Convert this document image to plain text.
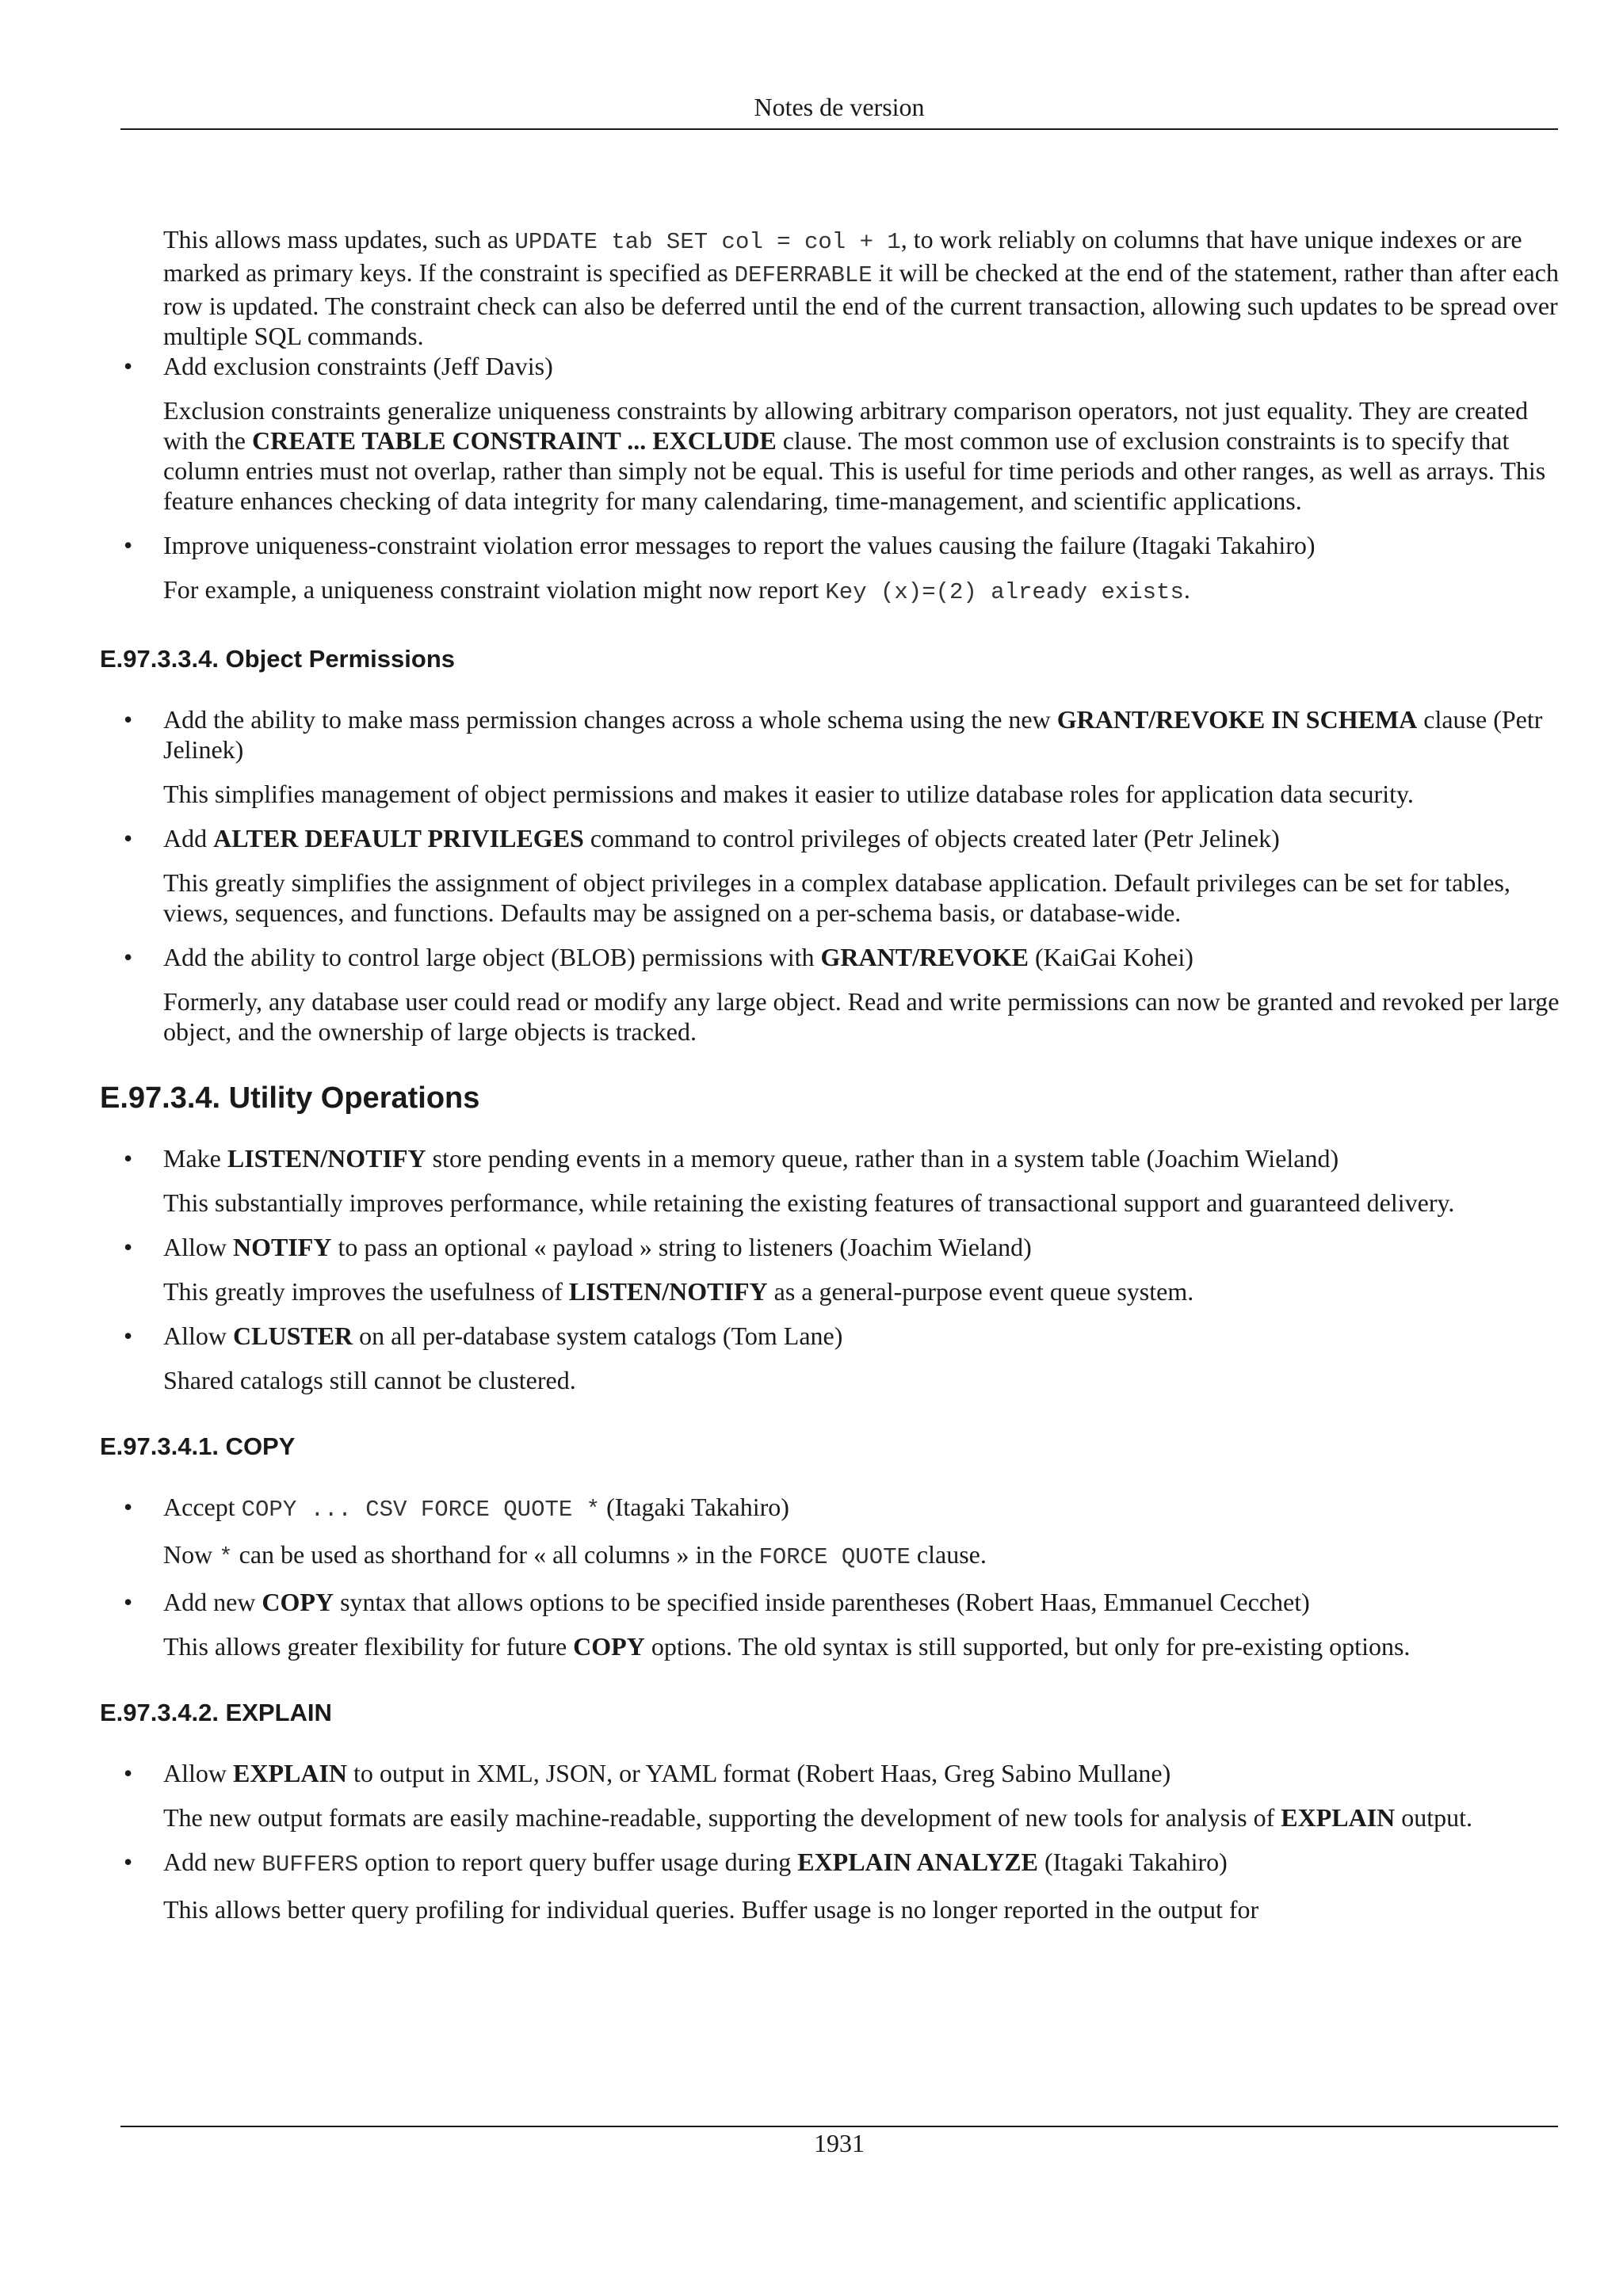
Notes de version

This allows mass updates, such as UPDATE tab SET col = col + 1, to work reliably on columns that have unique indexes or are marked as primary keys. If the constraint is specified as DEFERRABLE it will be checked at the end of the statement, rather than after each row is updated. The constraint check can also be deferred until the end of the current transaction, allowing such updates to be spread over multiple SQL commands.

• Add exclusion constraints (Jeff Davis)

Exclusion constraints generalize uniqueness constraints by allowing arbitrary comparison operators, not just equality. They are created with the CREATE TABLE CONSTRAINT ... EXCLUDE clause. The most common use of exclusion constraints is to specify that column entries must not overlap, rather than simply not be equal. This is useful for time periods and other ranges, as well as arrays. This feature enhances checking of data integrity for many calendaring, time-management, and scientific applications.

• Improve uniqueness-constraint violation error messages to report the values causing the failure (Itagaki Takahiro)

For example, a uniqueness constraint violation might now report Key (x)=(2) already exists.

E.97.3.3.4. Object Permissions
• Add the ability to make mass permission changes across a whole schema using the new GRANT/REVOKE IN SCHEMA clause (Petr Jelinek)

This simplifies management of object permissions and makes it easier to utilize database roles for application data security.

• Add ALTER DEFAULT PRIVILEGES command to control privileges of objects created later (Petr Jelinek)

This greatly simplifies the assignment of object privileges in a complex database application. Default privileges can be set for tables, views, sequences, and functions. Defaults may be assigned on a per-schema basis, or database-wide.

• Add the ability to control large object (BLOB) permissions with GRANT/REVOKE (KaiGai Kohei)

Formerly, any database user could read or modify any large object. Read and write permissions can now be granted and revoked per large object, and the ownership of large objects is tracked.

E.97.3.4. Utility Operations
• Make LISTEN/NOTIFY store pending events in a memory queue, rather than in a system table (Joachim Wieland)

This substantially improves performance, while retaining the existing features of transactional support and guaranteed delivery.

• Allow NOTIFY to pass an optional « payload » string to listeners (Joachim Wieland)

This greatly improves the usefulness of LISTEN/NOTIFY as a general-purpose event queue system.

• Allow CLUSTER on all per-database system catalogs (Tom Lane)

Shared catalogs still cannot be clustered.

E.97.3.4.1. COPY
• Accept COPY ... CSV FORCE QUOTE * (Itagaki Takahiro)

Now * can be used as shorthand for « all columns » in the FORCE QUOTE clause.

• Add new COPY syntax that allows options to be specified inside parentheses (Robert Haas, Emmanuel Cecchet)

This allows greater flexibility for future COPY options. The old syntax is still supported, but only for pre-existing options.

E.97.3.4.2. EXPLAIN
• Allow EXPLAIN to output in XML, JSON, or YAML format (Robert Haas, Greg Sabino Mullane)

The new output formats are easily machine-readable, supporting the development of new tools for analysis of EXPLAIN output.

• Add new BUFFERS option to report query buffer usage during EXPLAIN ANALYZE (Itagaki Takahiro)

This allows better query profiling for individual queries. Buffer usage is no longer reported in the output for

1931
